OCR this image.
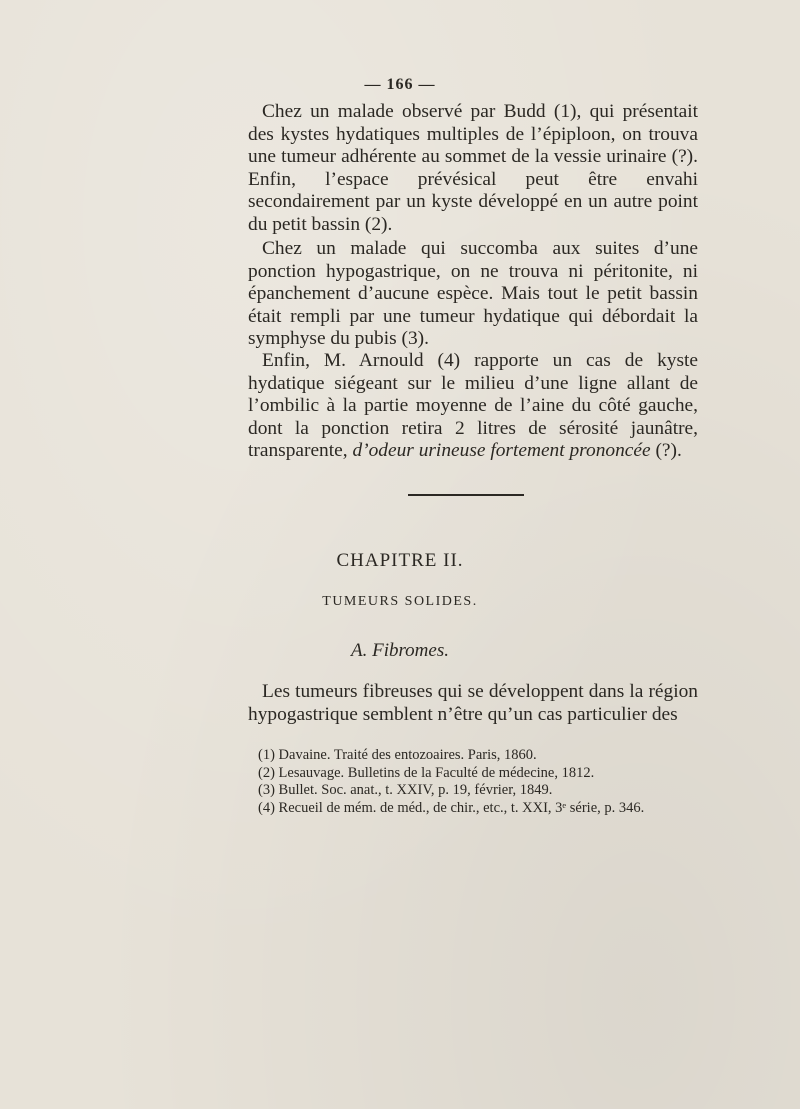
— 166 —

Chez un malade observé par Budd (1), qui présentait des kystes hydatiques multiples de l’épiploon, on trouva une tumeur adhérente au sommet de la vessie urinaire (?). Enfin, l’espace prévésical peut être envahi secondairement par un kyste développé en un autre point du petit bassin (2).

Chez un malade qui succomba aux suites d’une ponction hypogastrique, on ne trouva ni péritonite, ni épanchement d’aucune espèce. Mais tout le petit bassin était rempli par une tumeur hydatique qui débordait la symphyse du pubis (3).

Enfin, M. Arnould (4) rapporte un cas de kyste hydatique siégeant sur le milieu d’une ligne allant de l’ombilic à la partie moyenne de l’aine du côté gauche, dont la ponction retira 2 litres de sérosité jaunâtre, transparente, d’odeur urineuse fortement prononcée (?).

CHAPITRE II.
TUMEURS SOLIDES.
A. Fibromes.

Les tumeurs fibreuses qui se développent dans la région hypogastrique semblent n’être qu’un cas particulier des

(1) Davaine. Traité des entozoaires. Paris, 1860.
(2) Lesauvage. Bulletins de la Faculté de médecine, 1812.
(3) Bullet. Soc. anat., t. XXIV, p. 19, février, 1849.
(4) Recueil de mém. de méd., de chir., etc., t. XXI, 3ᵉ série, p. 346.
